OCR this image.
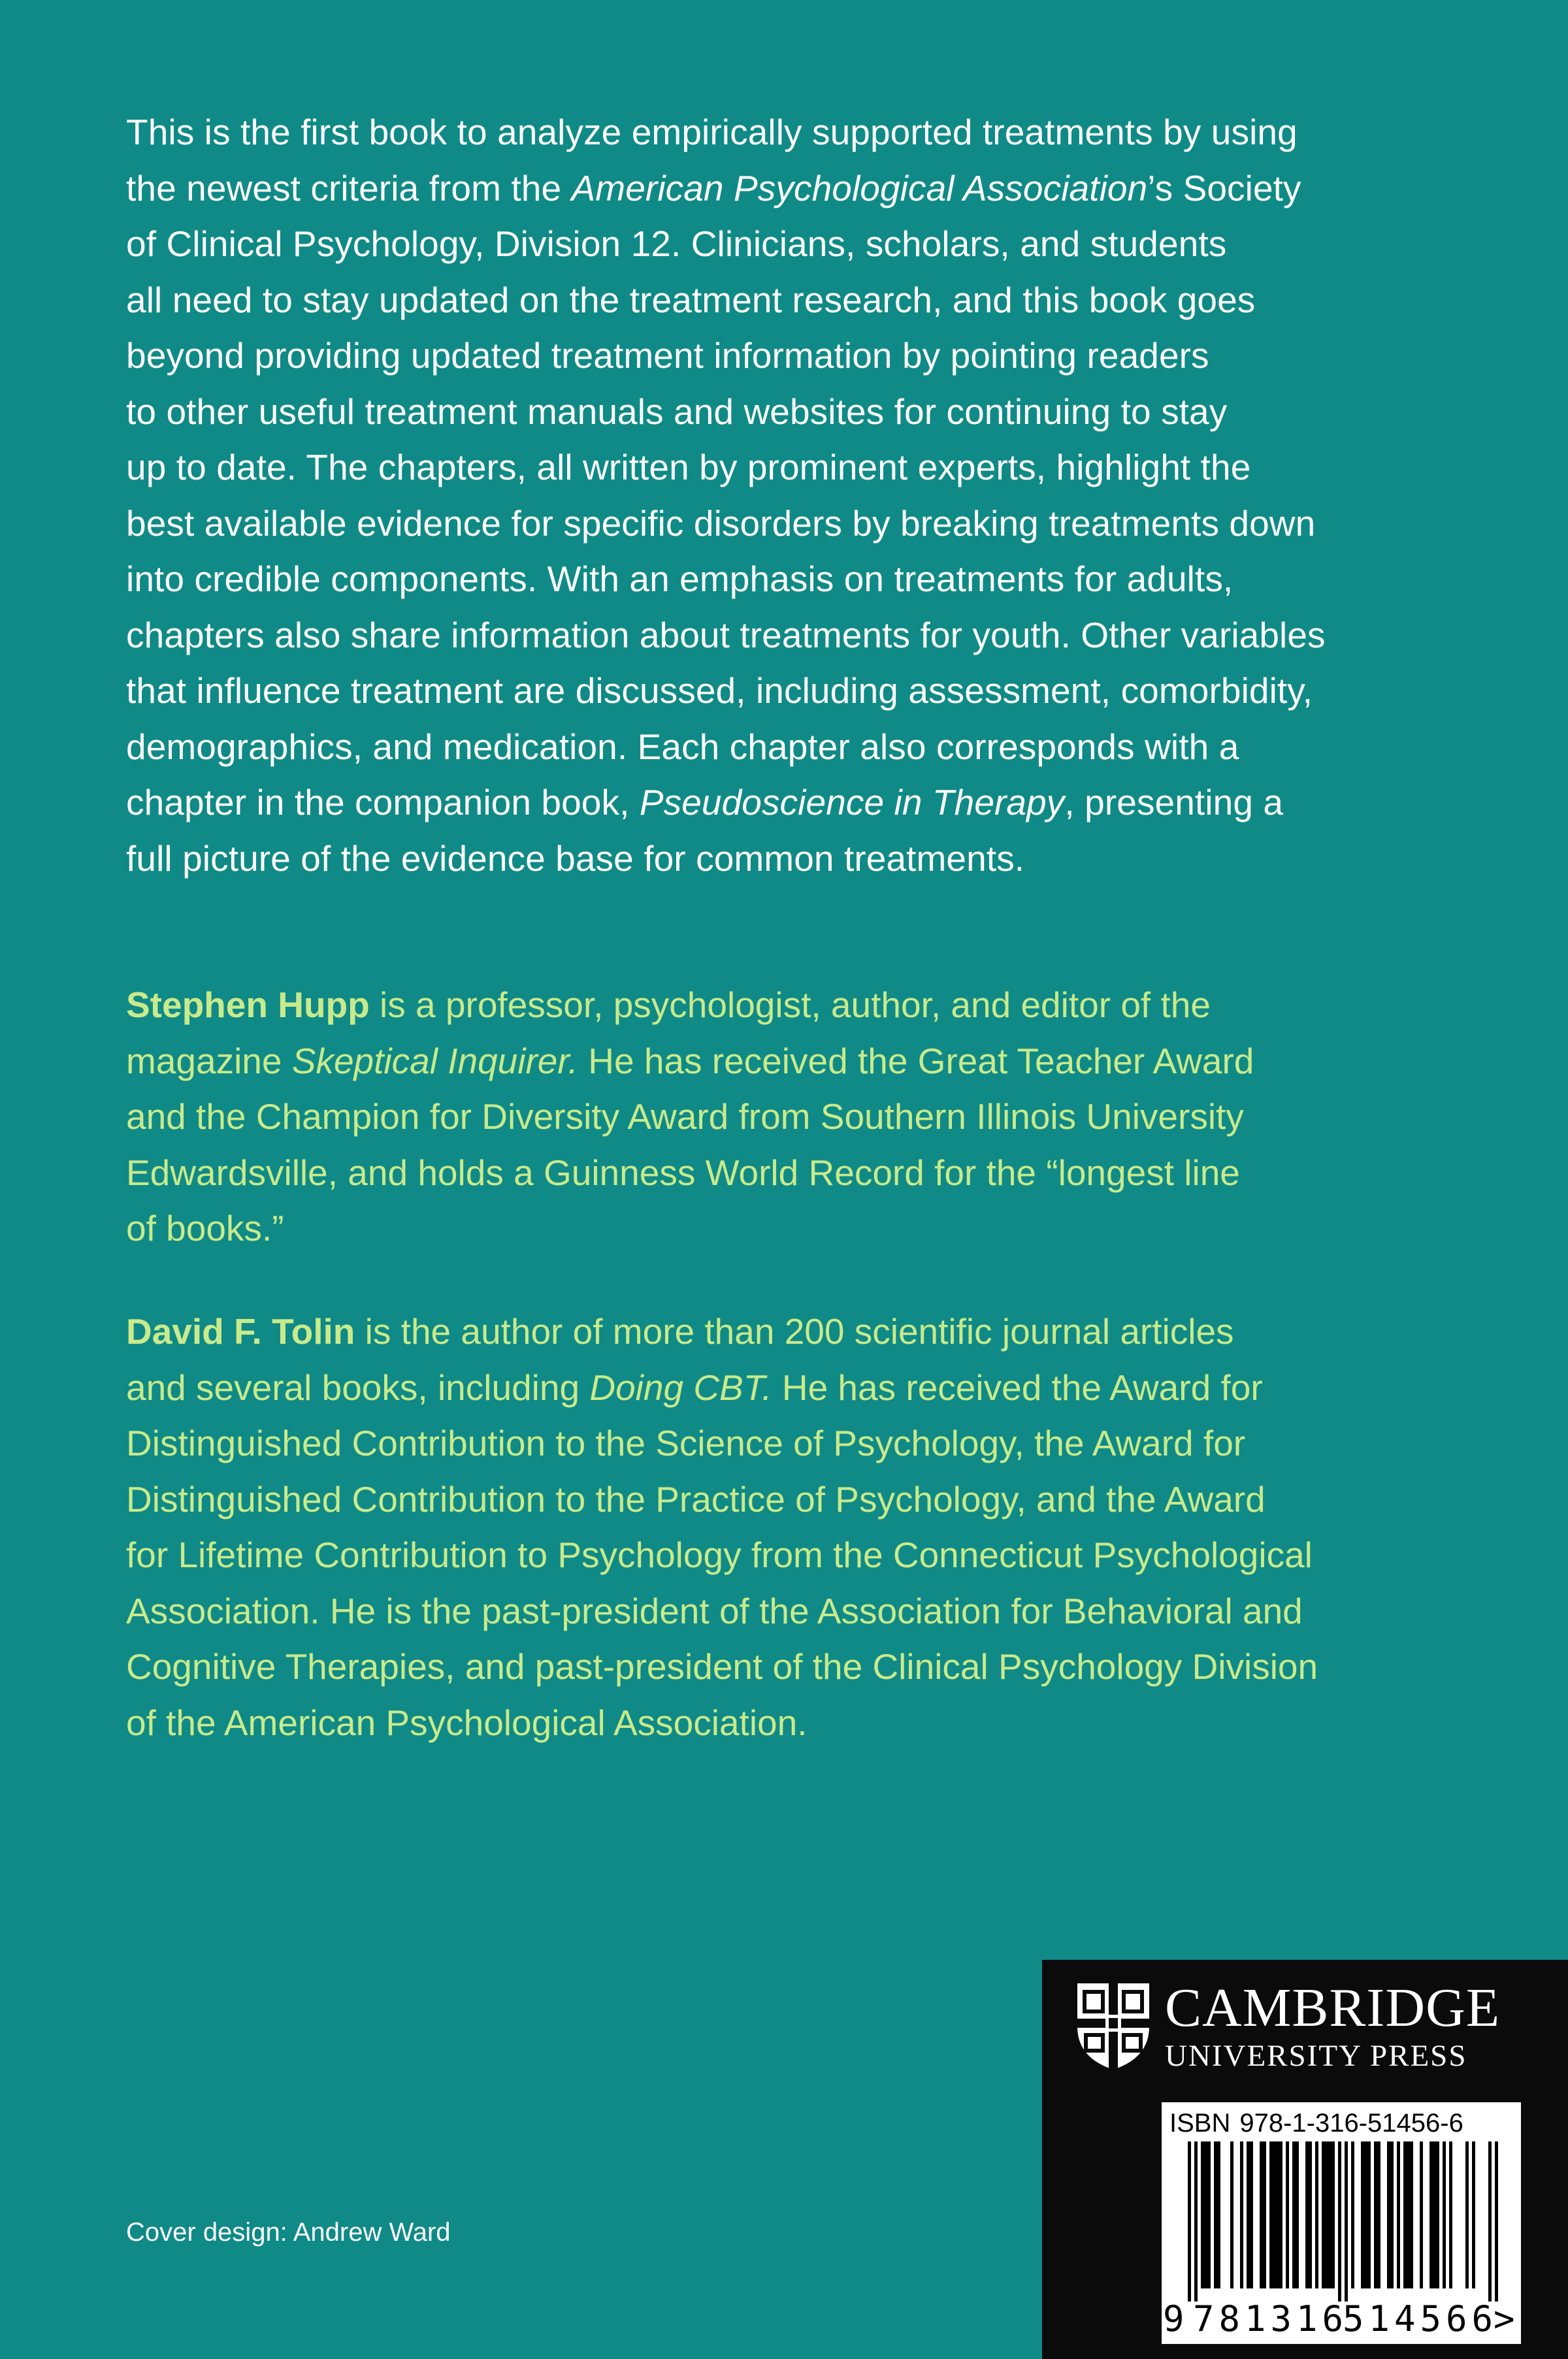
This is the first book to analyze empirically supported treatments by using
the newest criteria from the American Psychological Association’s Society
of Clinical Psychology, Division 12. Clinicians, scholars, and students
all need to stay updated on the treatment research, and this book goes
beyond providing updated treatment information by pointing readers
to other useful treatment manuals and websites for continuing to stay
up to date. The chapters, all written by prominent experts, highlight the
best available evidence for specific disorders by breaking treatments down
into credible components. With an emphasis on treatments for adults,
chapters also share information about treatments for youth. Other variables
that influence treatment are discussed, including assessment, comorbidity,
demographics, and medication. Each chapter also corresponds with a
chapter in the companion book, Pseudoscience in Therapy, presenting a
full picture of the evidence base for common treatments.
Stephen Hupp is a professor, psychologist, author, and editor of the
magazine Skeptical Inquirer. He has received the Great Teacher Award
and the Champion for Diversity Award from Southern Illinois University
Edwardsville, and holds a Guinness World Record for the “longest line
of books.”
David F. Tolin is the author of more than 200 scientific journal articles
and several books, including Doing CBT. He has received the Award for
Distinguished Contribution to the Science of Psychology, the Award for
Distinguished Contribution to the Practice of Psychology, and the Award
for Lifetime Contribution to Psychology from the Connecticut Psychological
Association. He is the past-president of the Association for Behavioral and
Cognitive Therapies, and past-president of the Clinical Psychology Division
of the American Psychological Association.
Cover design: Andrew Ward
CAMBRIDGE
UNIVERSITY PRESS
ISBN 978-1-316-51456-6
9 781316
514566
>
